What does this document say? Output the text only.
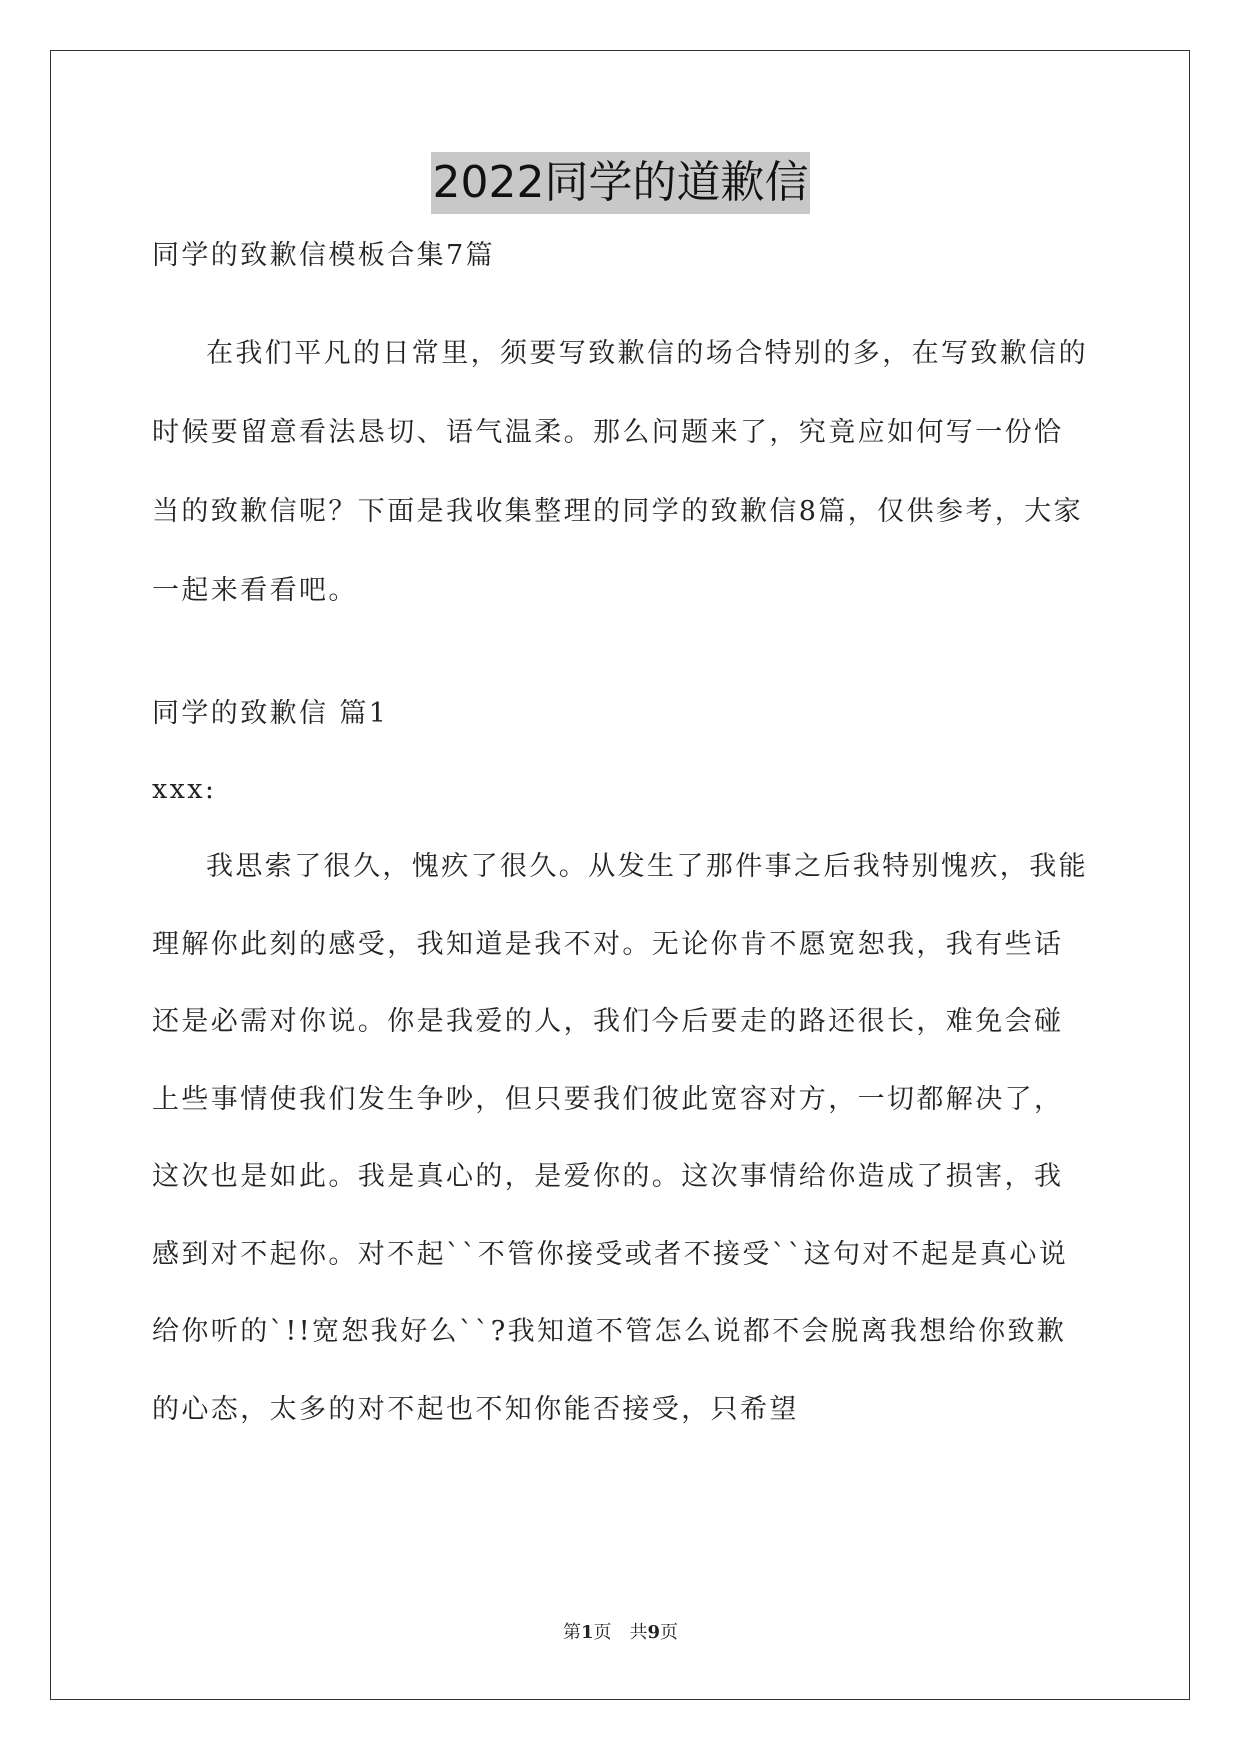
2022同学的道歉信

同学的致歉信模板合集7篇

在我们平凡的日常里，须要写致歉信的场合特别的多，在写致歉信的时候要留意看法恳切、语气温柔。那么问题来了，究竟应如何写一份恰当的致歉信呢？下面是我收集整理的同学的致歉信8篇，仅供参考，大家一起来看看吧。

同学的致歉信 篇1

xxx:

我思索了很久，愧疚了很久。从发生了那件事之后我特别愧疚，我能理解你此刻的感受，我知道是我不对。无论你肯不愿宽恕我，我有些话还是必需对你说。你是我爱的人，我们今后要走的路还很长，难免会碰上些事情使我们发生争吵，但只要我们彼此宽容对方，一切都解决了，这次也是如此。我是真心的，是爱你的。这次事情给你造成了损害，我感到对不起你。对不起``不管你接受或者不接受``这句对不起是真心说给你听的`!!宽恕我好么``?我知道不管怎么说都不会脱离我想给你致歉的心态，太多的对不起也不知你能否接受，只希望

第1页　共9页
